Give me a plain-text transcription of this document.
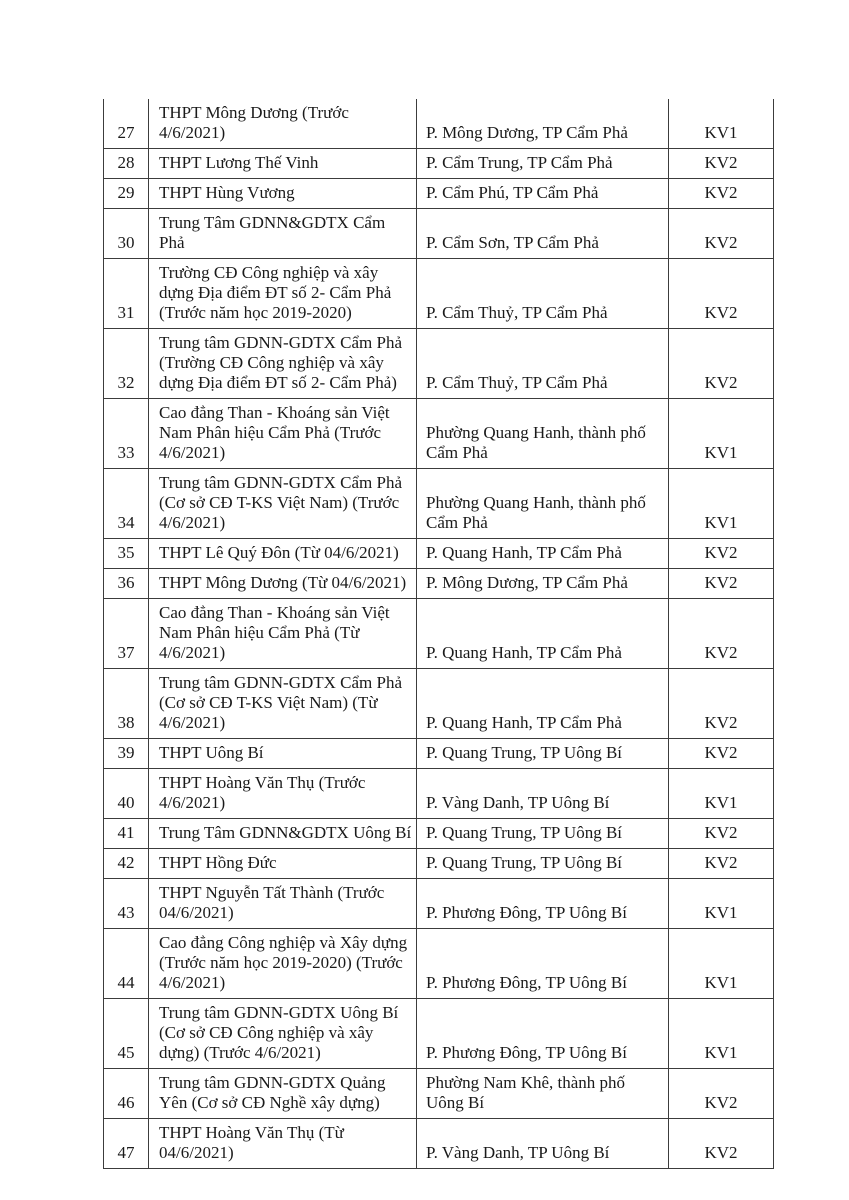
27	THPT Mông Dương (Trước 4/6/2021)	P. Mông Dương, TP Cẩm Phả	KV1
28	THPT Lương Thế Vinh	P. Cẩm Trung, TP Cẩm Phả	KV2
29	THPT Hùng Vương	P. Cẩm Phú, TP Cẩm Phả	KV2
30	Trung Tâm GDNN&GDTX Cẩm Phả	P. Cẩm Sơn, TP Cẩm Phả	KV2
31	Trường CĐ Công nghiệp và xây dựng Địa điểm ĐT số 2- Cẩm Phả (Trước năm học 2019-2020)	P. Cẩm Thuỷ, TP Cẩm Phả	KV2
32	Trung tâm GDNN-GDTX Cẩm Phả (Trường CĐ Công nghiệp và xây dựng Địa điểm ĐT số 2- Cẩm Phả)	P. Cẩm Thuỷ, TP Cẩm Phả	KV2
33	Cao đẳng Than - Khoáng sản Việt Nam Phân hiệu Cẩm Phả (Trước 4/6/2021)	Phường Quang Hanh, thành phố Cẩm Phả	KV1
34	Trung tâm GDNN-GDTX Cẩm Phả (Cơ sở CĐ T-KS Việt Nam) (Trước 4/6/2021)	Phường Quang Hanh, thành phố Cẩm Phả	KV1
35	THPT Lê Quý Đôn (Từ 04/6/2021)	P. Quang Hanh, TP Cẩm Phả	KV2
36	THPT Mông Dương (Từ 04/6/2021)	P. Mông Dương, TP Cẩm Phả	KV2
37	Cao đẳng Than - Khoáng sản Việt Nam Phân hiệu Cẩm Phả (Từ 4/6/2021)	P. Quang Hanh, TP Cẩm Phả	KV2
38	Trung tâm GDNN-GDTX Cẩm Phả (Cơ sở CĐ T-KS Việt Nam) (Từ 4/6/2021)	P. Quang Hanh, TP Cẩm Phả	KV2
39	THPT Uông Bí	P. Quang Trung, TP Uông Bí	KV2
40	THPT Hoàng Văn Thụ (Trước 4/6/2021)	P. Vàng Danh, TP Uông Bí	KV1
41	Trung Tâm GDNN&GDTX Uông Bí	P. Quang Trung, TP Uông Bí	KV2
42	THPT Hồng Đức	P. Quang Trung, TP Uông Bí	KV2
43	THPT Nguyễn Tất Thành (Trước 04/6/2021)	P. Phương Đông, TP Uông Bí	KV1
44	Cao đẳng Công nghiệp và Xây dựng (Trước năm học 2019-2020) (Trước 4/6/2021)	P. Phương Đông, TP Uông Bí	KV1
45	Trung tâm GDNN-GDTX Uông Bí (Cơ sở CĐ Công nghiệp và xây dựng) (Trước 4/6/2021)	P. Phương Đông, TP Uông Bí	KV1
46	Trung tâm GDNN-GDTX Quảng Yên (Cơ sở CĐ Nghề xây dựng)	Phường Nam Khê, thành phố Uông Bí	KV2
47	THPT Hoàng Văn Thụ (Từ 04/6/2021)	P. Vàng Danh, TP Uông Bí	KV2
